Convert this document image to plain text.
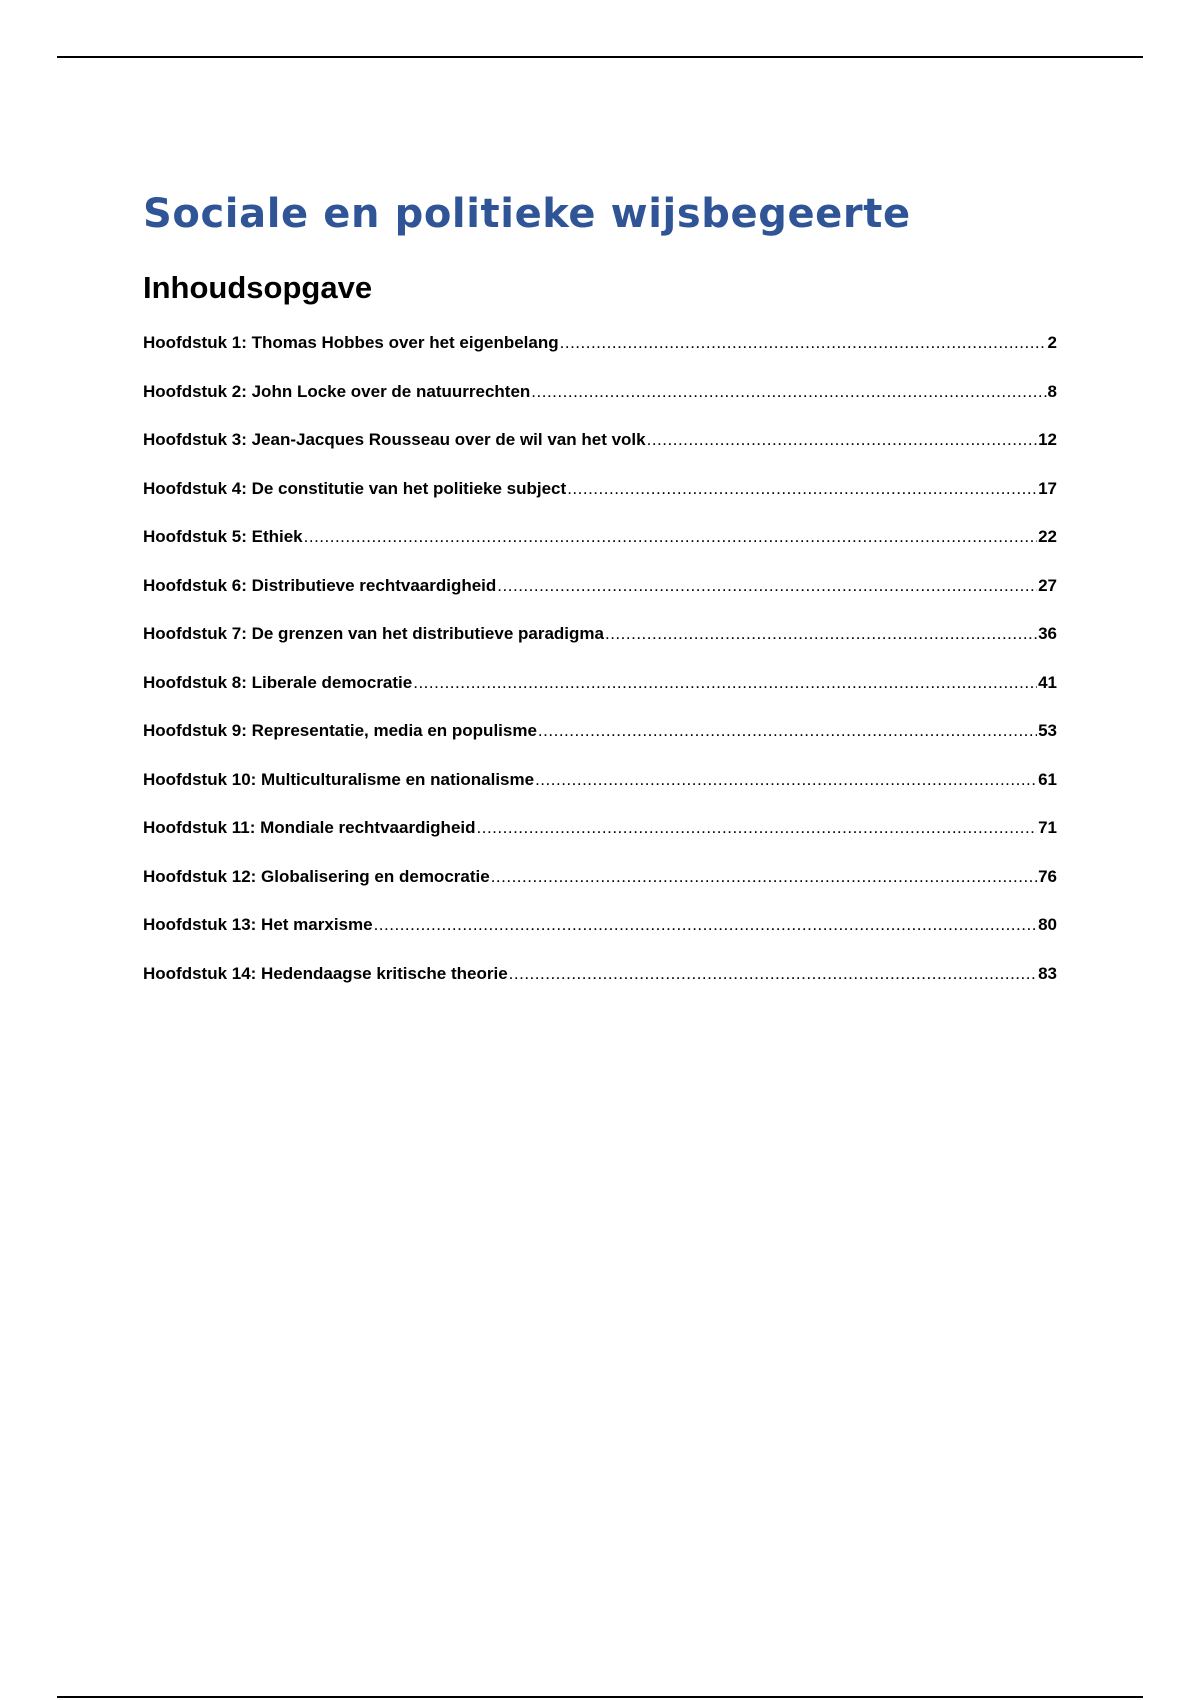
Sociale en politieke wijsbegeerte
Inhoudsopgave
Hoofdstuk 1: Thomas Hobbes over het eigenbelang .....	2
Hoofdstuk 2: John Locke over de natuurrechten .....	8
Hoofdstuk 3: Jean-Jacques Rousseau over de wil van het volk .....	12
Hoofdstuk 4: De constitutie van het politieke subject .....	17
Hoofdstuk 5: Ethiek .....	22
Hoofdstuk 6: Distributieve rechtvaardigheid .....	27
Hoofdstuk 7: De grenzen van het distributieve paradigma .....	36
Hoofdstuk 8: Liberale democratie .....	41
Hoofdstuk 9: Representatie, media en populisme .....	53
Hoofdstuk 10: Multiculturalisme en nationalisme .....	61
Hoofdstuk 11: Mondiale rechtvaardigheid .....	71
Hoofdstuk 12: Globalisering en democratie .....	76
Hoofdstuk 13: Het marxisme .....	80
Hoofdstuk 14: Hedendaagse kritische theorie .....	83
